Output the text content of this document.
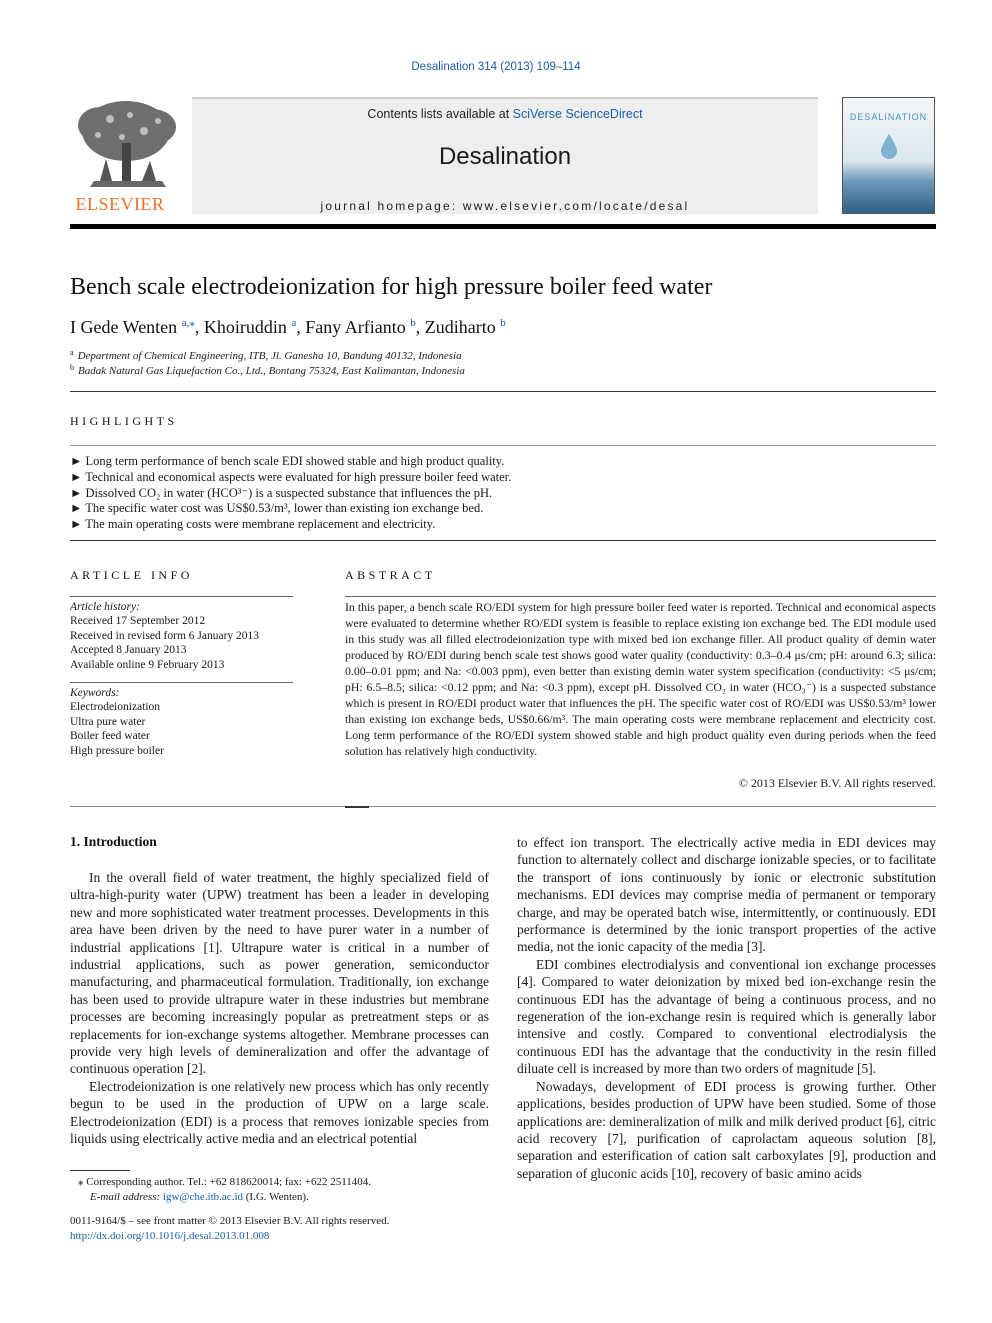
Desalination 314 (2013) 109–114
ELSEVIER
Contents lists available at SciVerse ScienceDirect
Desalination
journal homepage: www.elsevier.com/locate/desal
DESALINATION
Bench scale electrodeionization for high pressure boiler feed water
I Gede Wenten $^{a,⁎}$, Khoiruddin $^a$, Fany Arfianto $^b$, Zudiharto $^b$
$^a$ Department of Chemical Engineering, ITB, Jl. Ganesha 10, Bandung 40132, Indonesia
$^b$ Badak Natural Gas Liquefaction Co., Ltd., Bontang 75324, East Kalimantan, Indonesia
HIGHLIGHTS
► Long term performance of bench scale EDI showed stable and high product quality.
► Technical and economical aspects were evaluated for high pressure boiler feed water.
► Dissolved CO₂ in water (HCO³⁻) is a suspected substance that influences the pH.
► The specific water cost was US$0.53/m³, lower than existing ion exchange bed.
► The main operating costs were membrane replacement and electricity.
ARTICLE INFO
Article history:
Received 17 September 2012
Received in revised form 6 January 2013
Accepted 8 January 2013
Available online 9 February 2013
Keywords:
Electrodeionization
Ultra pure water
Boiler feed water
High pressure boiler
ABSTRACT
In this paper, a bench scale RO/EDI system for high pressure boiler feed water is reported. Technical and economical aspects were evaluated to determine whether RO/EDI system is feasible to replace existing ion exchange bed. The EDI module used in this study was all filled electrodeionization type with mixed bed ion exchange filler. All product quality of demin water produced by RO/EDI during bench scale test shows good water quality (conductivity: 0.3–0.4 μs/cm; pH: around 6.3; silica: 0.00–0.01 ppm; and Na: <0.003 ppm), even better than existing demin water system specification (conductivity: <5 μs/cm; pH: 6.5–8.5; silica: <0.12 ppm; and Na: <0.3 ppm), except pH. Dissolved CO₂ in water (HCO₃⁻) is a suspected substance which is present in RO/EDI product water that influences the pH. The specific water cost of RO/EDI was US$0.53/m³ lower than existing ion exchange beds, US$0.66/m³. The main operating costs were membrane replacement and electricity cost. Long term performance of the RO/EDI system showed stable and high product quality even during periods when the feed solution has relatively high conductivity.
© 2013 Elsevier B.V. All rights reserved.
1. Introduction

In the overall field of water treatment, the highly specialized field of ultra-high-purity water (UPW) treatment has been a leader in developing new and more sophisticated water treatment processes. Developments in this area have been driven by the need to have purer water in a number of industrial applications [1]. Ultrapure water is critical in a number of industrial applications, such as power generation, semiconductor manufacturing, and pharmaceutical formulation. Traditionally, ion exchange has been used to provide ultrapure water in these industries but membrane processes are becoming increasingly popular as pretreatment steps or as replacements for ion-exchange systems altogether. Membrane processes can provide very high levels of demineralization and offer the advantage of continuous operation [2].

Electrodeionization is one relatively new process which has only recently begun to be used in the production of UPW on a large scale. Electrodeionization (EDI) is a process that removes ionizable species from liquids using electrically active media and an electrical potential

to effect ion transport. The electrically active media in EDI devices may function to alternately collect and discharge ionizable species, or to facilitate the transport of ions continuously by ionic or electronic substitution mechanisms. EDI devices may comprise media of permanent or temporary charge, and may be operated batch wise, intermittently, or continuously. EDI performance is determined by the ionic transport properties of the active media, not the ionic capacity of the media [3].

EDI combines electrodialysis and conventional ion exchange processes [4]. Compared to water deionization by mixed bed ion-exchange resin the continuous EDI has the advantage of being a continuous process, and no regeneration of the ion-exchange resin is required which is generally labor intensive and costly. Compared to conventional electrodialysis the continuous EDI has the advantage that the conductivity in the resin filled diluate cell is increased by more than two orders of magnitude [5].

Nowadays, development of EDI process is growing further. Other applications, besides production of UPW have been studied. Some of those applications are: demineralization of milk and milk derived product [6], citric acid recovery [7], purification of caprolactam aqueous solution [8], separation and esterification of cation salt carboxylates [9], production and separation of gluconic acids [10], recovery of basic amino acids

⁎ Corresponding author. Tel.: +62 818620014; fax: +622 2511404.
E-mail address: igw@che.itb.ac.id (I.G. Wenten).
0011-9164/$ – see front matter © 2013 Elsevier B.V. All rights reserved.
http://dx.doi.org/10.1016/j.desal.2013.01.008
